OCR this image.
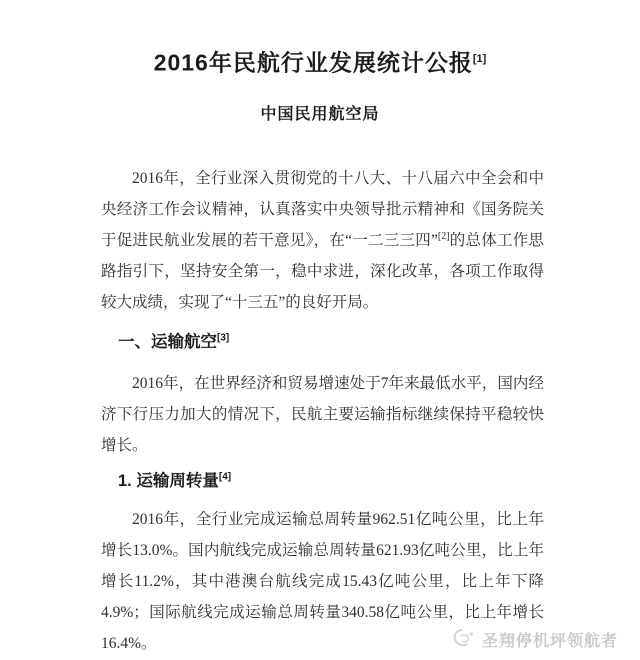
2016年民航行业发展统计公报[1]
中国民用航空局

2016年，全行业深入贯彻党的十八大、十八届六中全会和中央经济工作会议精神，认真落实中央领导批示精神和《国务院关于促进民航业发展的若干意见》，在“一二三三四”[2]的总体工作思路指引下，坚持安全第一，稳中求进，深化改革，各项工作取得较大成绩，实现了“十三五”的良好开局。

一、运输航空[3]

2016年，在世界经济和贸易增速处于7年来最低水平，国内经济下行压力加大的情况下，民航主要运输指标继续保持平稳较快增长。

1. 运输周转量[4]

2016年，全行业完成运输总周转量962.51亿吨公里，比上年增长13.0%。国内航线完成运输总周转量621.93亿吨公里，比上年增长11.2%，其中港澳台航线完成15.43亿吨公里，比上年下降4.9%；国际航线完成运输总周转量340.58亿吨公里，比上年增长16.4%。	圣翔停机坪领航者
